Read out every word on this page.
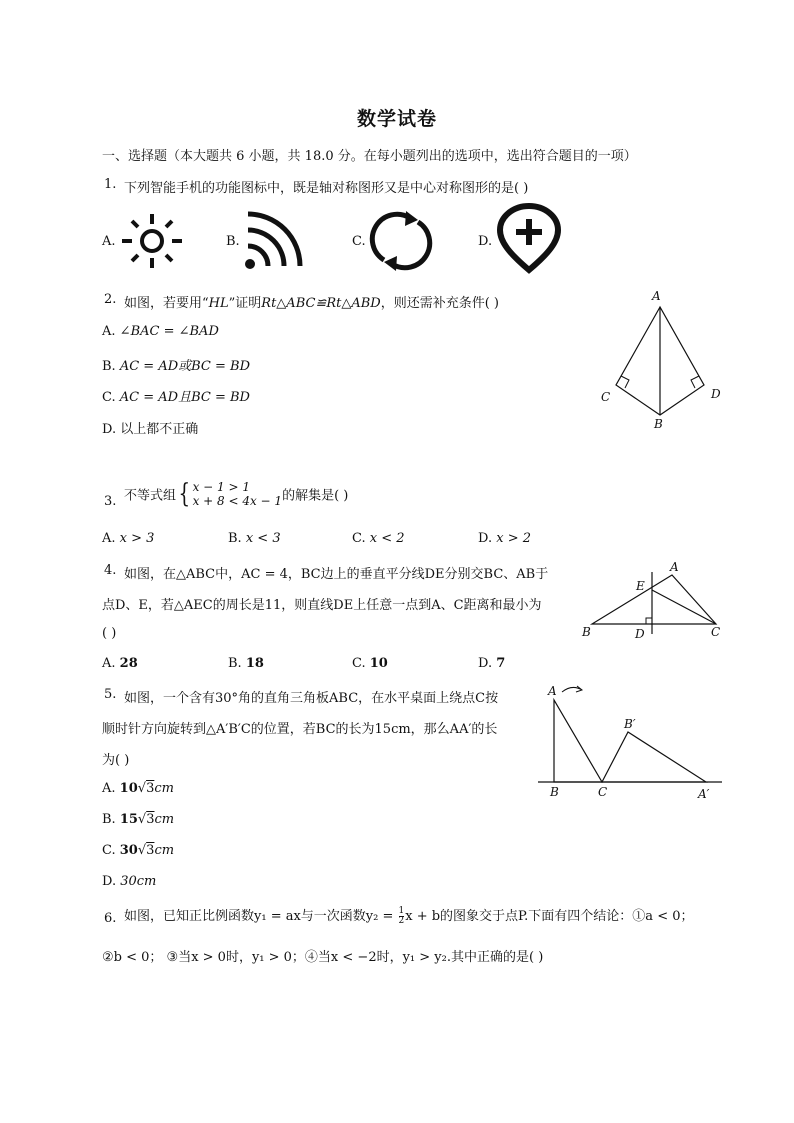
数学试卷
一、选择题（本大题共 6 小题，共 18.0 分。在每小题列出的选项中，选出符合题目的一项）
1. 下列智能手机的功能图标中，既是轴对称图形又是中心对称图形的是( )
A.	B.	C.	D.
2. 如图，若要用“HL”证明Rt△ABC≌Rt△ABD，则还需补充条件( )
A. ∠BAC = ∠BAD
B. AC = AD或BC = BD
C. AC = AD且BC = BD
D. 以上都不正确
A
C	D
B
3. 不等式组{ x − 1 > 1
x + 8 < 4x − 1 的解集是( )
A. x > 3	B. x < 3	C. x < 2	D. x > 2
4. 如图，在△ABC中，AC = 4，BC边上的垂直平分线DE分别交BC、AB于
点D、E，若△AEC的周长是11，则直线DE上任意一点到A、C距离和最小为
( )
A. 28	B. 18	C. 10	D. 7
A
E
B	D	C
5. 如图，一个含有30°角的直角三角板ABC，在水平桌面上绕点C按
顺时针方向旋转到△A′B′C的位置，若BC的长为15cm，那么AA′的长
为( )
A. 10√3cm
B. 15√3cm
C. 30√3cm
D. 30cm
A
B	C
B′
A′
6. 如图，已知正比例函数y₁ = ax与一次函数$y_2 = \frac{1}{2}$ x + b的图象交于点P.下面有四个结论：①a < 0；
②b < 0； ③当x > 0时，y₁ > 0；④当x < −2时，y₁ > y₂.其中正确的是( )
